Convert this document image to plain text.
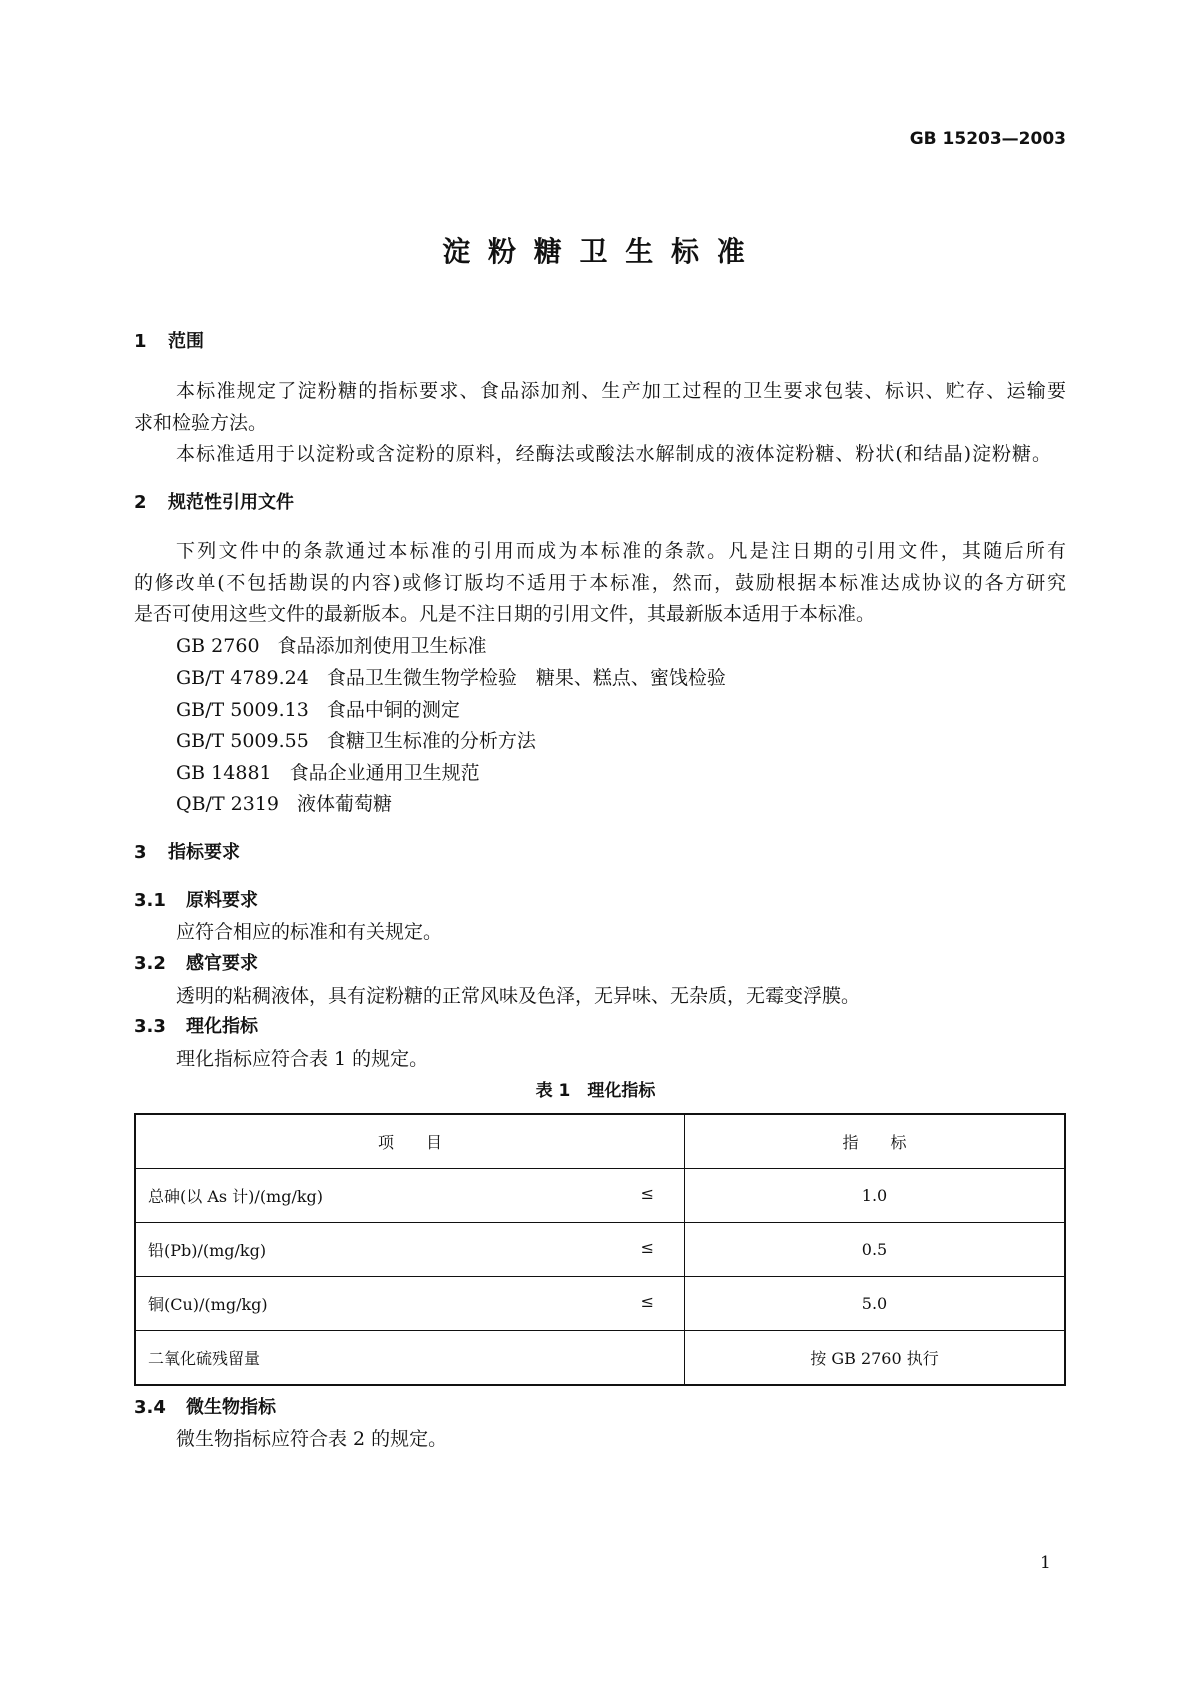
GB 15203—2003
淀 粉 糖 卫 生 标 准
1 范围
本标准规定了淀粉糖的指标要求、食品添加剂、生产加工过程的卫生要求包装、标识、贮存、运输要
求和检验方法。
本标准适用于以淀粉或含淀粉的原料，经酶法或酸法水解制成的液体淀粉糖、粉状(和结晶)淀粉糖。
2 规范性引用文件
下列文件中的条款通过本标准的引用而成为本标准的条款。凡是注日期的引用文件，其随后所有
的修改单(不包括勘误的内容)或修订版均不适用于本标准，然而，鼓励根据本标准达成协议的各方研究
是否可使用这些文件的最新版本。凡是不注日期的引用文件，其最新版本适用于本标准。
GB 2760 食品添加剂使用卫生标准
GB/T 4789.24 食品卫生微生物学检验　糖果、糕点、蜜饯检验
GB/T 5009.13 食品中铜的测定
GB/T 5009.55 食糖卫生标准的分析方法
GB 14881 食品企业通用卫生规范
QB/T 2319 液体葡萄糖
3 指标要求
3.1 原料要求
应符合相应的标准和有关规定。
3.2 感官要求
透明的粘稠液体，具有淀粉糖的正常风味及色泽，无异味、无杂质，无霉变浮膜。
3.3 理化指标
理化指标应符合表 1 的规定。
表 1　理化指标
项　　目	指　　标
总砷(以 As 计)/(mg/kg) ≤	1.0
铅(Pb)/(mg/kg) ≤	0.5
铜(Cu)/(mg/kg) ≤	5.0
二氧化硫残留量	按 GB 2760 执行
3.4 微生物指标
微生物指标应符合表 2 的规定。
1
